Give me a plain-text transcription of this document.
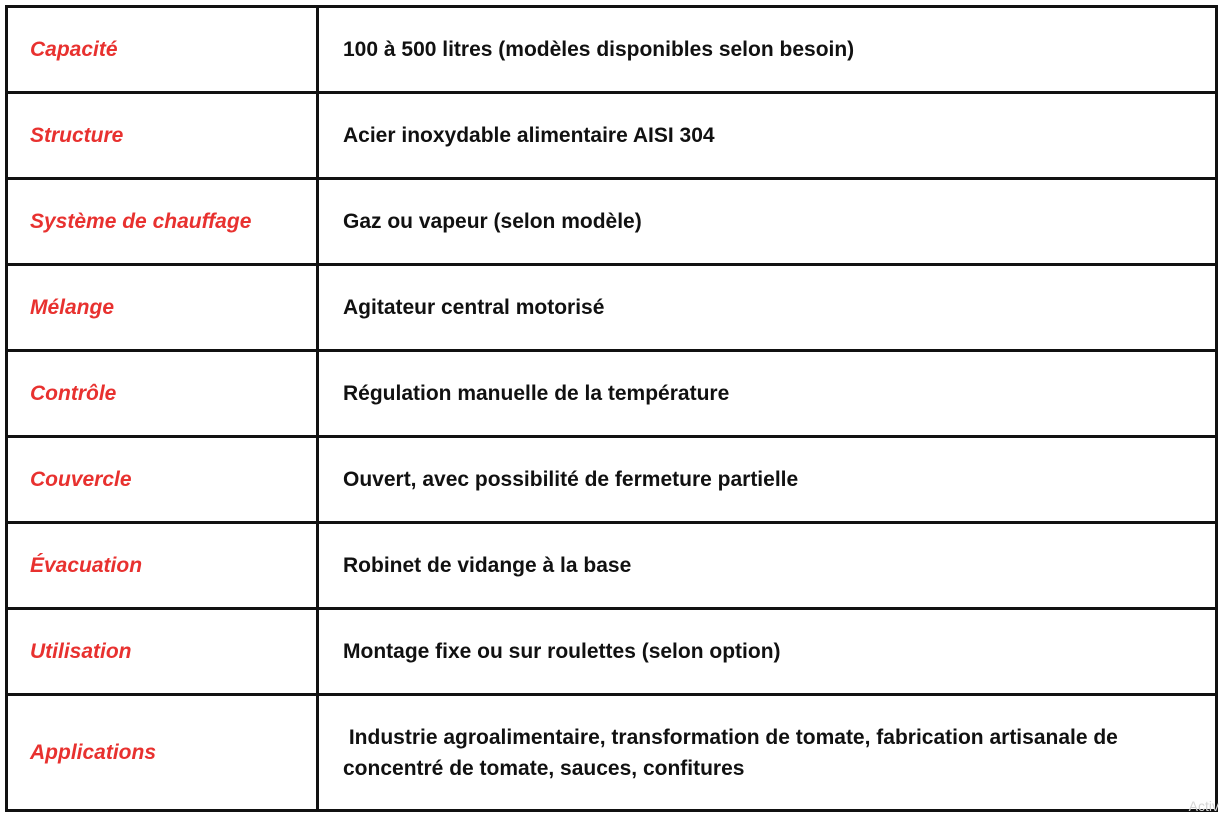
Capacité	100 à 500 litres (modèles disponibles selon besoin)
Structure	Acier inoxydable alimentaire AISI 304
Système de chauffage	Gaz ou vapeur (selon modèle)
Mélange	Agitateur central motorisé
Contrôle	Régulation manuelle de la température
Couvercle	Ouvert, avec possibilité de fermeture partielle
Évacuation	Robinet de vidange à la base
Utilisation	Montage fixe ou sur roulettes (selon option)
Applications	Industrie agroalimentaire, transformation de tomate, fabrication artisanale de concentré de tomate, sauces, confitures
Activ
